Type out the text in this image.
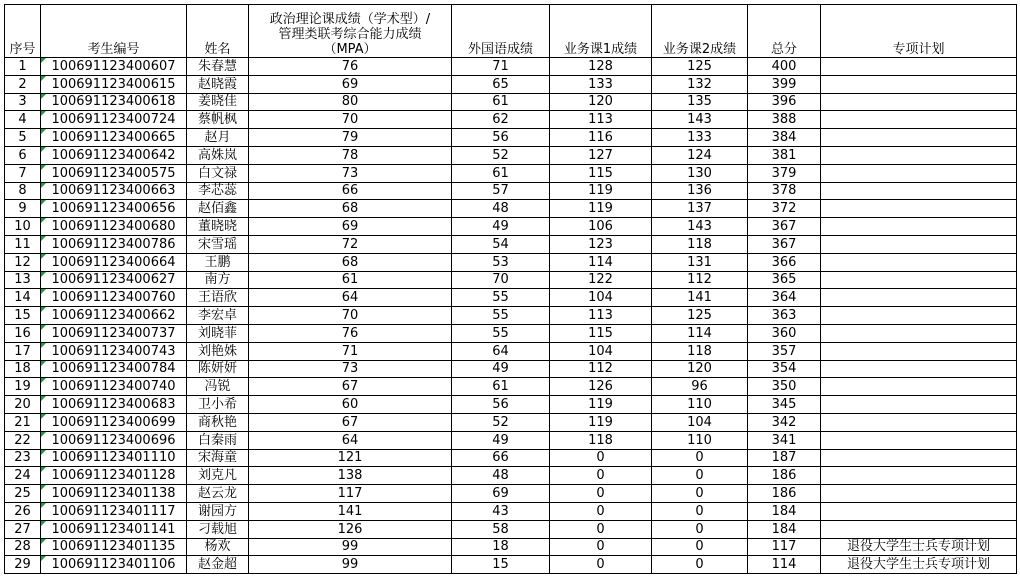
序号	考生编号	姓名	政治理论课成绩（学术型）/
管理类联考综合能力成绩
（MPA）	外国语成绩	业务课1成绩	业务课2成绩	总分	专项计划
1	100691123400607	朱春慧	76	71	128	125	400	
2	100691123400615	赵晓霞	69	65	133	132	399	
3	100691123400618	姜晓佳	80	61	120	135	396	
4	100691123400724	蔡帆枫	70	62	113	143	388	
5	100691123400665	赵月	79	56	116	133	384	
6	100691123400642	高姝岚	78	52	127	124	381	
7	100691123400575	白文禄	73	61	115	130	379	
8	100691123400663	李芯蕊	66	57	119	136	378	
9	100691123400656	赵佰鑫	68	48	119	137	372	
10	100691123400680	董晓晓	69	49	106	143	367	
11	100691123400786	宋雪瑶	72	54	123	118	367	
12	100691123400664	王鹏	68	53	114	131	366	
13	100691123400627	南方	61	70	122	112	365	
14	100691123400760	王语欣	64	55	104	141	364	
15	100691123400662	李宏卓	70	55	113	125	363	
16	100691123400737	刘晓菲	76	55	115	114	360	
17	100691123400743	刘艳姝	71	64	104	118	357	
18	100691123400784	陈妍妍	73	49	112	120	354	
19	100691123400740	冯锐	67	61	126	96	350	
20	100691123400683	卫小希	60	56	119	110	345	
21	100691123400699	商秋艳	67	52	119	104	342	
22	100691123400696	白秦雨	64	49	118	110	341	
23	100691123401110	宋海童	121	66	0	0	187	
24	100691123401128	刘克凡	138	48	0	0	186	
25	100691123401138	赵云龙	117	69	0	0	186	
26	100691123401117	谢园方	141	43	0	0	184	
27	100691123401141	刁载旭	126	58	0	0	184	
28	100691123401135	杨欢	99	18	0	0	117	退役大学生士兵专项计划
29	100691123401106	赵金超	99	15	0	0	114	退役大学生士兵专项计划
